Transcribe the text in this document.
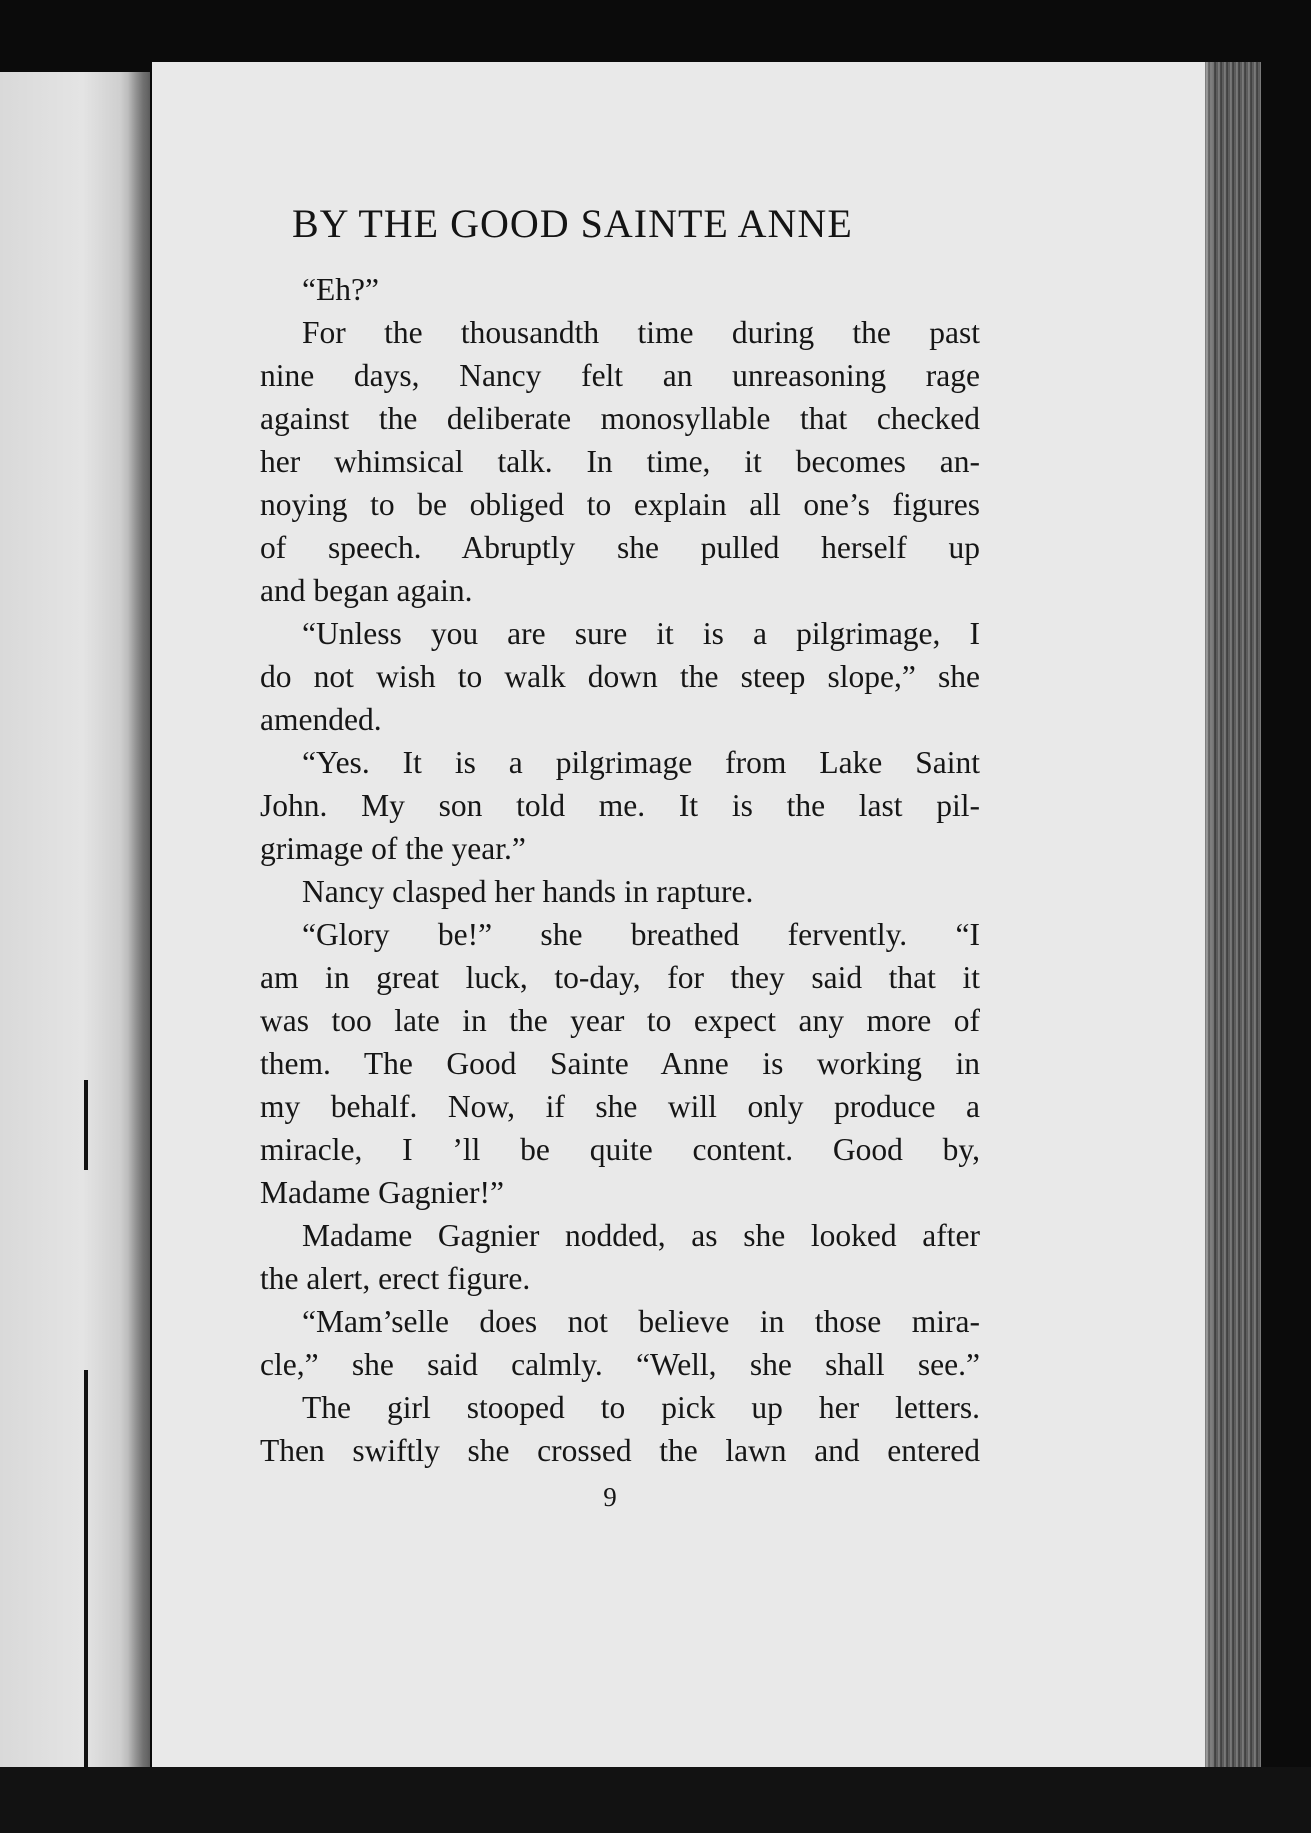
BY THE GOOD SAINTE ANNE
“Eh?”
For the thousandth time during the past
nine days, Nancy felt an unreasoning rage
against the deliberate monosyllable that checked
her whimsical talk. In time, it becomes an-
noying to be obliged to explain all one’s figures
of speech. Abruptly she pulled herself up
and began again.
“Unless you are sure it is a pilgrimage, I
do not wish to walk down the steep slope,” she
amended.
“Yes. It is a pilgrimage from Lake Saint
John. My son told me. It is the last pil-
grimage of the year.”
Nancy clasped her hands in rapture.
“Glory be!” she breathed fervently. “I
am in great luck, to-day, for they said that it
was too late in the year to expect any more of
them. The Good Sainte Anne is working in
my behalf. Now, if she will only produce a
miracle, I ’ll be quite content. Good by,
Madame Gagnier!”
Madame Gagnier nodded, as she looked after
the alert, erect figure.
“Mam’selle does not believe in those mira-
cle,” she said calmly. “Well, she shall see.”
The girl stooped to pick up her letters.
Then swiftly she crossed the lawn and entered
9
